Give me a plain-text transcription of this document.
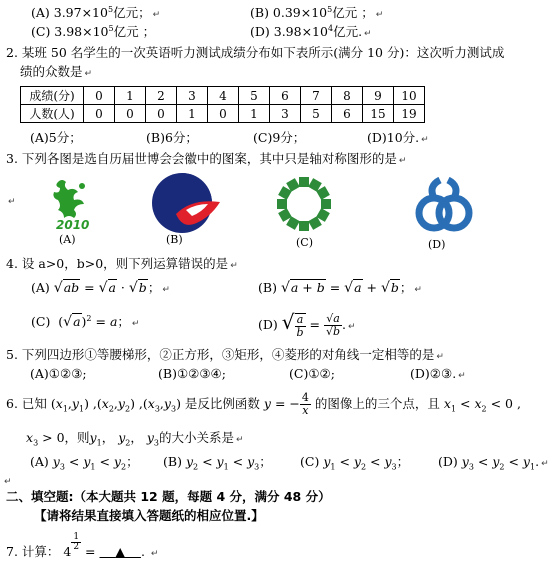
(A) $3.97\times 10^5$亿元； ↵	(B) $0.39\times 10^5$亿元 ； ↵
(C) $3.98\times 10^5$亿元 ；	(D) $3.98\times 10^4$亿元. ↵
2. 某班 50 名学生的一次英语听力测试成绩分布如下表所示(满分 10 分)：这次听力测试成
绩的众数是 ↵
成绩(分)	0	1	2	3	4	5	6	7	8	9	10
人数(人)	0	0	0	1	0	1	3	5	6	15	19
(A)5分；	(B)6分；	(C)9分；	(D)10分. ↵
3. 下列各图是选自历届世博会会徽中的图案，其中只是轴对称图形的是 ↵
2010
(A)	(B)	(C)	(D)
↵
4. 设 a>0，b>0，则下列运算错误的是 ↵
(A) √ab = √a · √b； ↵	(B) √a + b = √a + √b； ↵
(C)  $(√a)^2 = a$； ↵	(D) √ $\frac{a}{b} = \frac{√a}{√b}$ . ↵
5. 下列四边形①等腰梯形，②正方形，③矩形，④菱形的对角线一定相等的是 ↵
(A)①②③;	(B)①②③④;	(C)①②;	(D)②③. ↵
6. 已知 $(x_1,y_1)$ $,(x_2,y_2)$ $,(x_3,y_3)$ 是反比例函数 y = − $\frac{4}{x}$ 的图像上的三个点，且 $x_1 < x_2 < 0$ ,
$x_3 > 0$，则$y_1$， $y_2$， $y_3$的大小关系是 ↵
(A) $y_3 < y_1 < y_2$； (B) $y_2 < y_1 < y_3$； (C) $y_1 < y_2 < y_3$； (D) $y_3 < y_2 < y_1$. ↵
↵
二、填空题:（本大题共 12 题，每题 4 分，满分 48 分）
【请将结果直接填入答题纸的相应位置.】
7. 计算： $4 \frac{1}{2}$ =     ▲ . ↵
